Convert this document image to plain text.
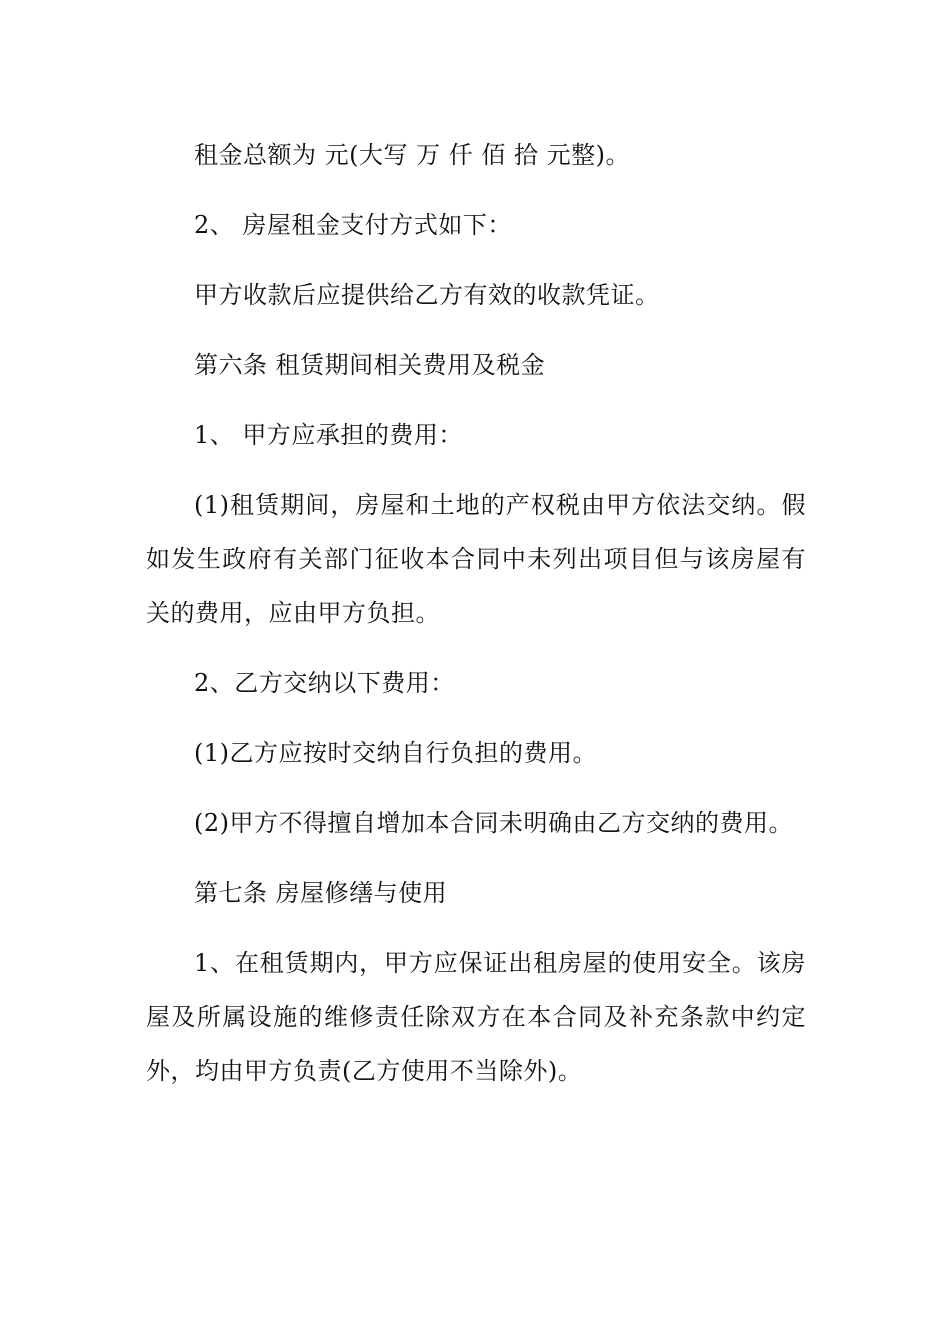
租金总额为 元(大写 万 仟 佰 拾 元整)。

2、 房屋租金支付方式如下：

甲方收款后应提供给乙方有效的收款凭证。

第六条 租赁期间相关费用及税金

1、 甲方应承担的费用：

(1)租赁期间，房屋和土地的产权税由甲方依法交纳。假如发生政府有关部门征收本合同中未列出项目但与该房屋有关的费用，应由甲方负担。

2、乙方交纳以下费用：

(1)乙方应按时交纳自行负担的费用。

(2)甲方不得擅自增加本合同未明确由乙方交纳的费用。

第七条 房屋修缮与使用

1、在租赁期内，甲方应保证出租房屋的使用安全。该房屋及所属设施的维修责任除双方在本合同及补充条款中约定外，均由甲方负责(乙方使用不当除外)。
